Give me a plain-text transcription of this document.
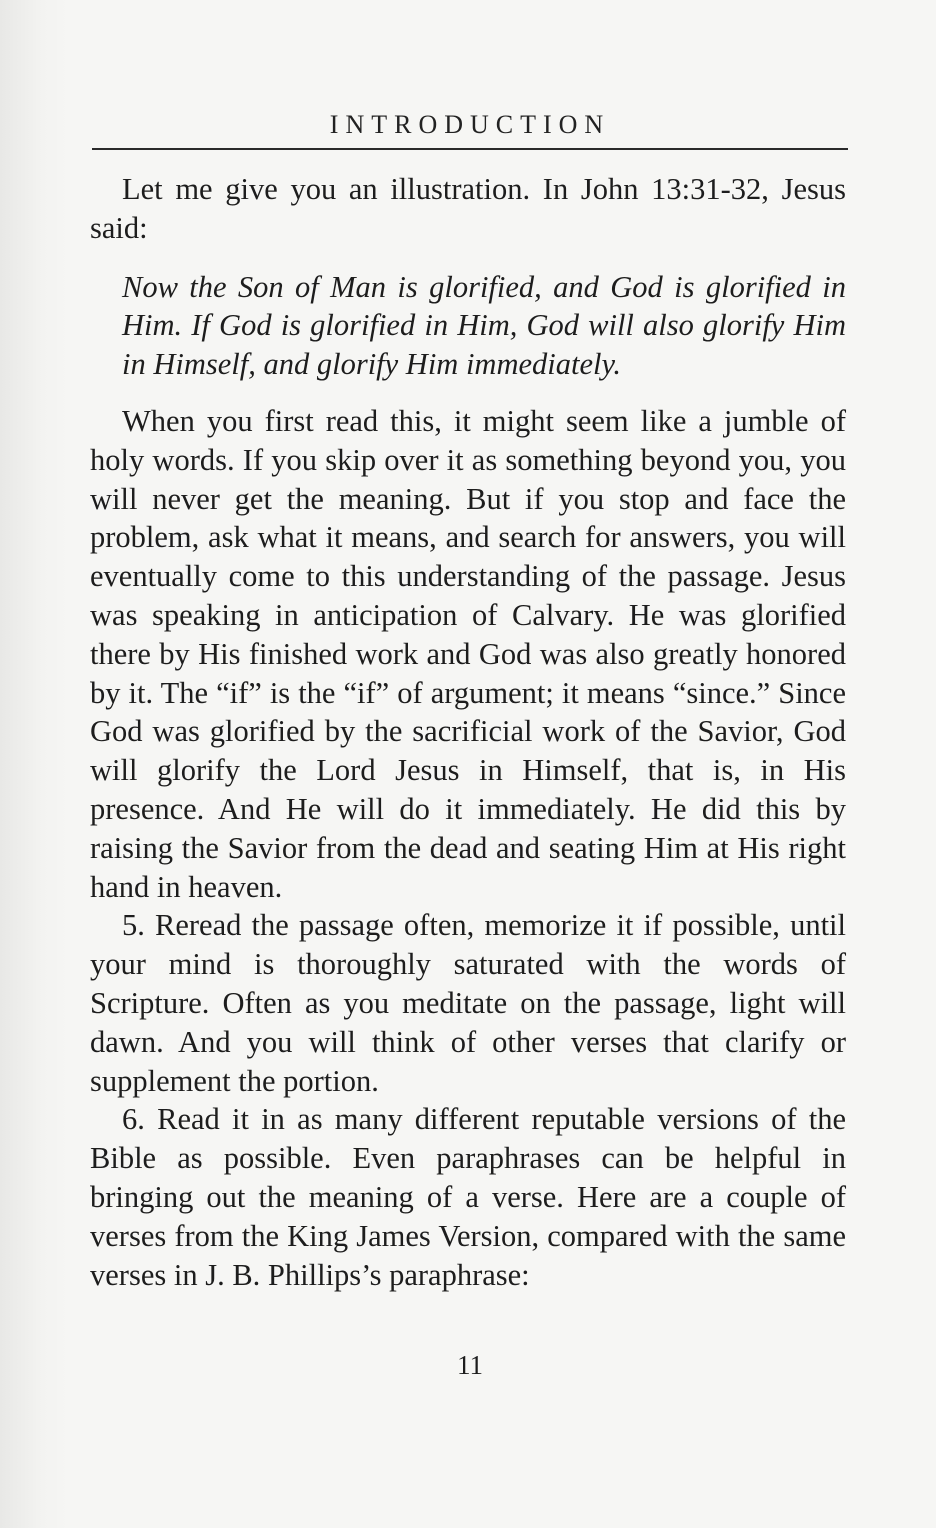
INTRODUCTION

Let me give you an illustration. In John 13:31-32, Jesus said:

Now the Son of Man is glorified, and God is glorified in Him. If God is glorified in Him, God will also glorify Him in Himself, and glorify Him immediately.

When you first read this, it might seem like a jumble of holy words. If you skip over it as something beyond you, you will never get the meaning. But if you stop and face the problem, ask what it means, and search for answers, you will eventually come to this understanding of the passage. Jesus was speaking in anticipation of Calvary. He was glorified there by His finished work and God was also greatly honored by it. The “if” is the “if” of argument; it means “since.” Since God was glorified by the sacrificial work of the Savior, God will glorify the Lord Jesus in Himself, that is, in His presence. And He will do it immediately. He did this by raising the Savior from the dead and seating Him at His right hand in heaven.

5. Reread the passage often, memorize it if possible, until your mind is thoroughly saturated with the words of Scripture. Often as you meditate on the passage, light will dawn. And you will think of other verses that clarify or supplement the portion.

6. Read it in as many different reputable versions of the Bible as possible. Even paraphrases can be helpful in bringing out the meaning of a verse. Here are a couple of verses from the King James Version, compared with the same verses in J. B. Phillips’s paraphrase:

11
